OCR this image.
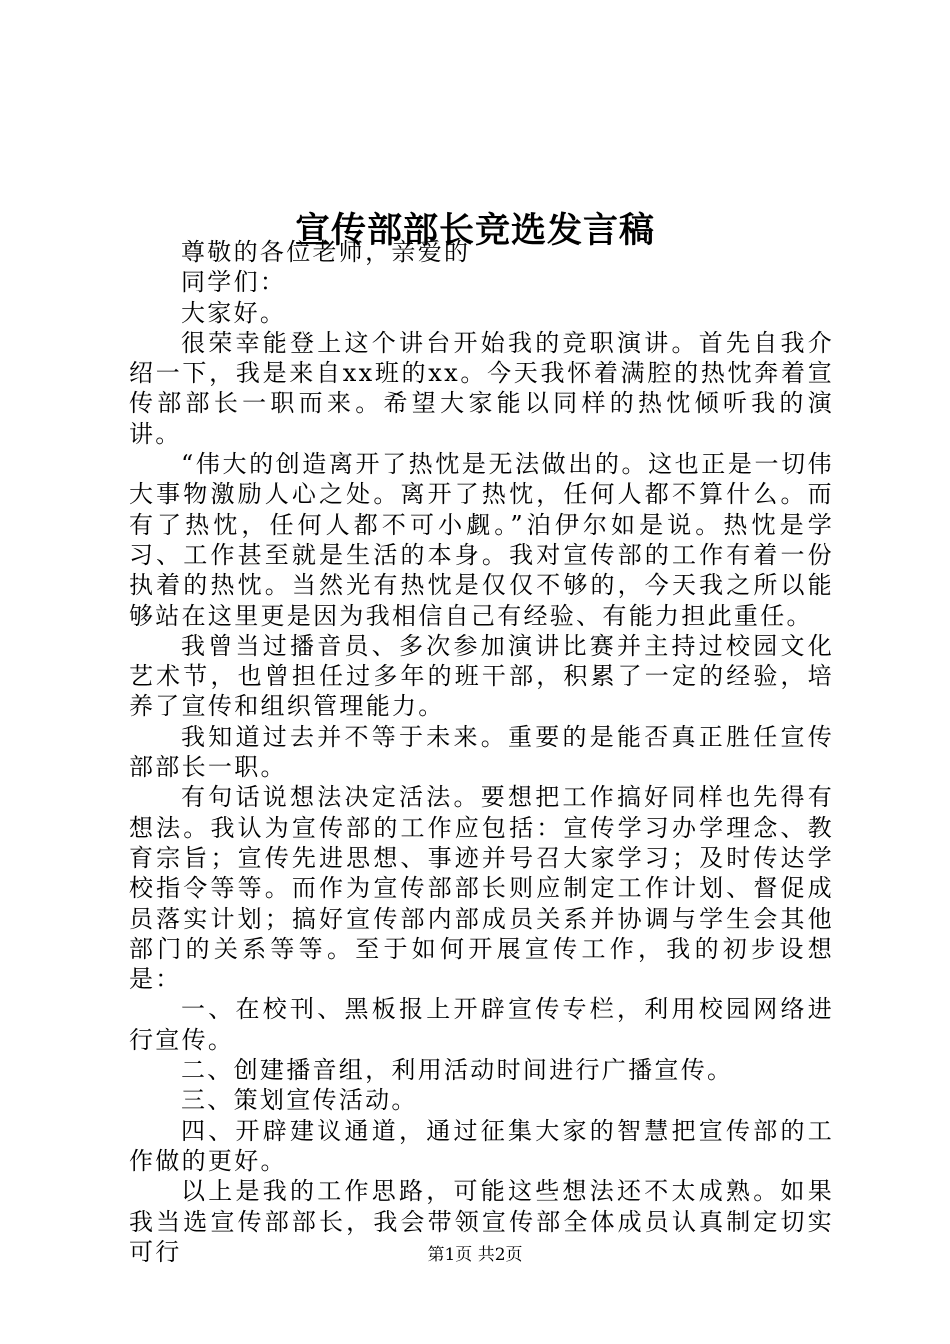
宣传部部长竞选发言稿

尊敬的各位老师，亲爱的

同学们：

大家好。

很荣幸能登上这个讲台开始我的竞职演讲。首先自我介绍一下，我是来自xx班的xx。今天我怀着满腔的热忱奔着宣传部部长一职而来。希望大家能以同样的热忱倾听我的演讲。

“伟大的创造离开了热忱是无法做出的。这也正是一切伟大事物激励人心之处。离开了热忱，任何人都不算什么。而有了热忱，任何人都不可小觑。”泊伊尔如是说。热忱是学习、工作甚至就是生活的本身。我对宣传部的工作有着一份执着的热忱。当然光有热忱是仅仅不够的，今天我之所以能够站在这里更是因为我相信自己有经验、有能力担此重任。

我曾当过播音员、多次参加演讲比赛并主持过校园文化艺术节，也曾担任过多年的班干部，积累了一定的经验，培养了宣传和组织管理能力。

我知道过去并不等于未来。重要的是能否真正胜任宣传部部长一职。

有句话说想法决定活法。要想把工作搞好同样也先得有想法。我认为宣传部的工作应包括：宣传学习办学理念、教育宗旨；宣传先进思想、事迹并号召大家学习；及时传达学校指令等等。而作为宣传部部长则应制定工作计划、督促成员落实计划；搞好宣传部内部成员关系并协调与学生会其他部门的关系等等。至于如何开展宣传工作，我的初步设想是：

一、在校刊、黑板报上开辟宣传专栏，利用校园网络进行宣传。

二、创建播音组，利用活动时间进行广播宣传。

三、策划宣传活动。

四、开辟建议通道，通过征集大家的智慧把宣传部的工作做的更好。

以上是我的工作思路，可能这些想法还不太成熟。如果我当选宣传部部长，我会带领宣传部全体成员认真制定切实可行	第1页 共2页
